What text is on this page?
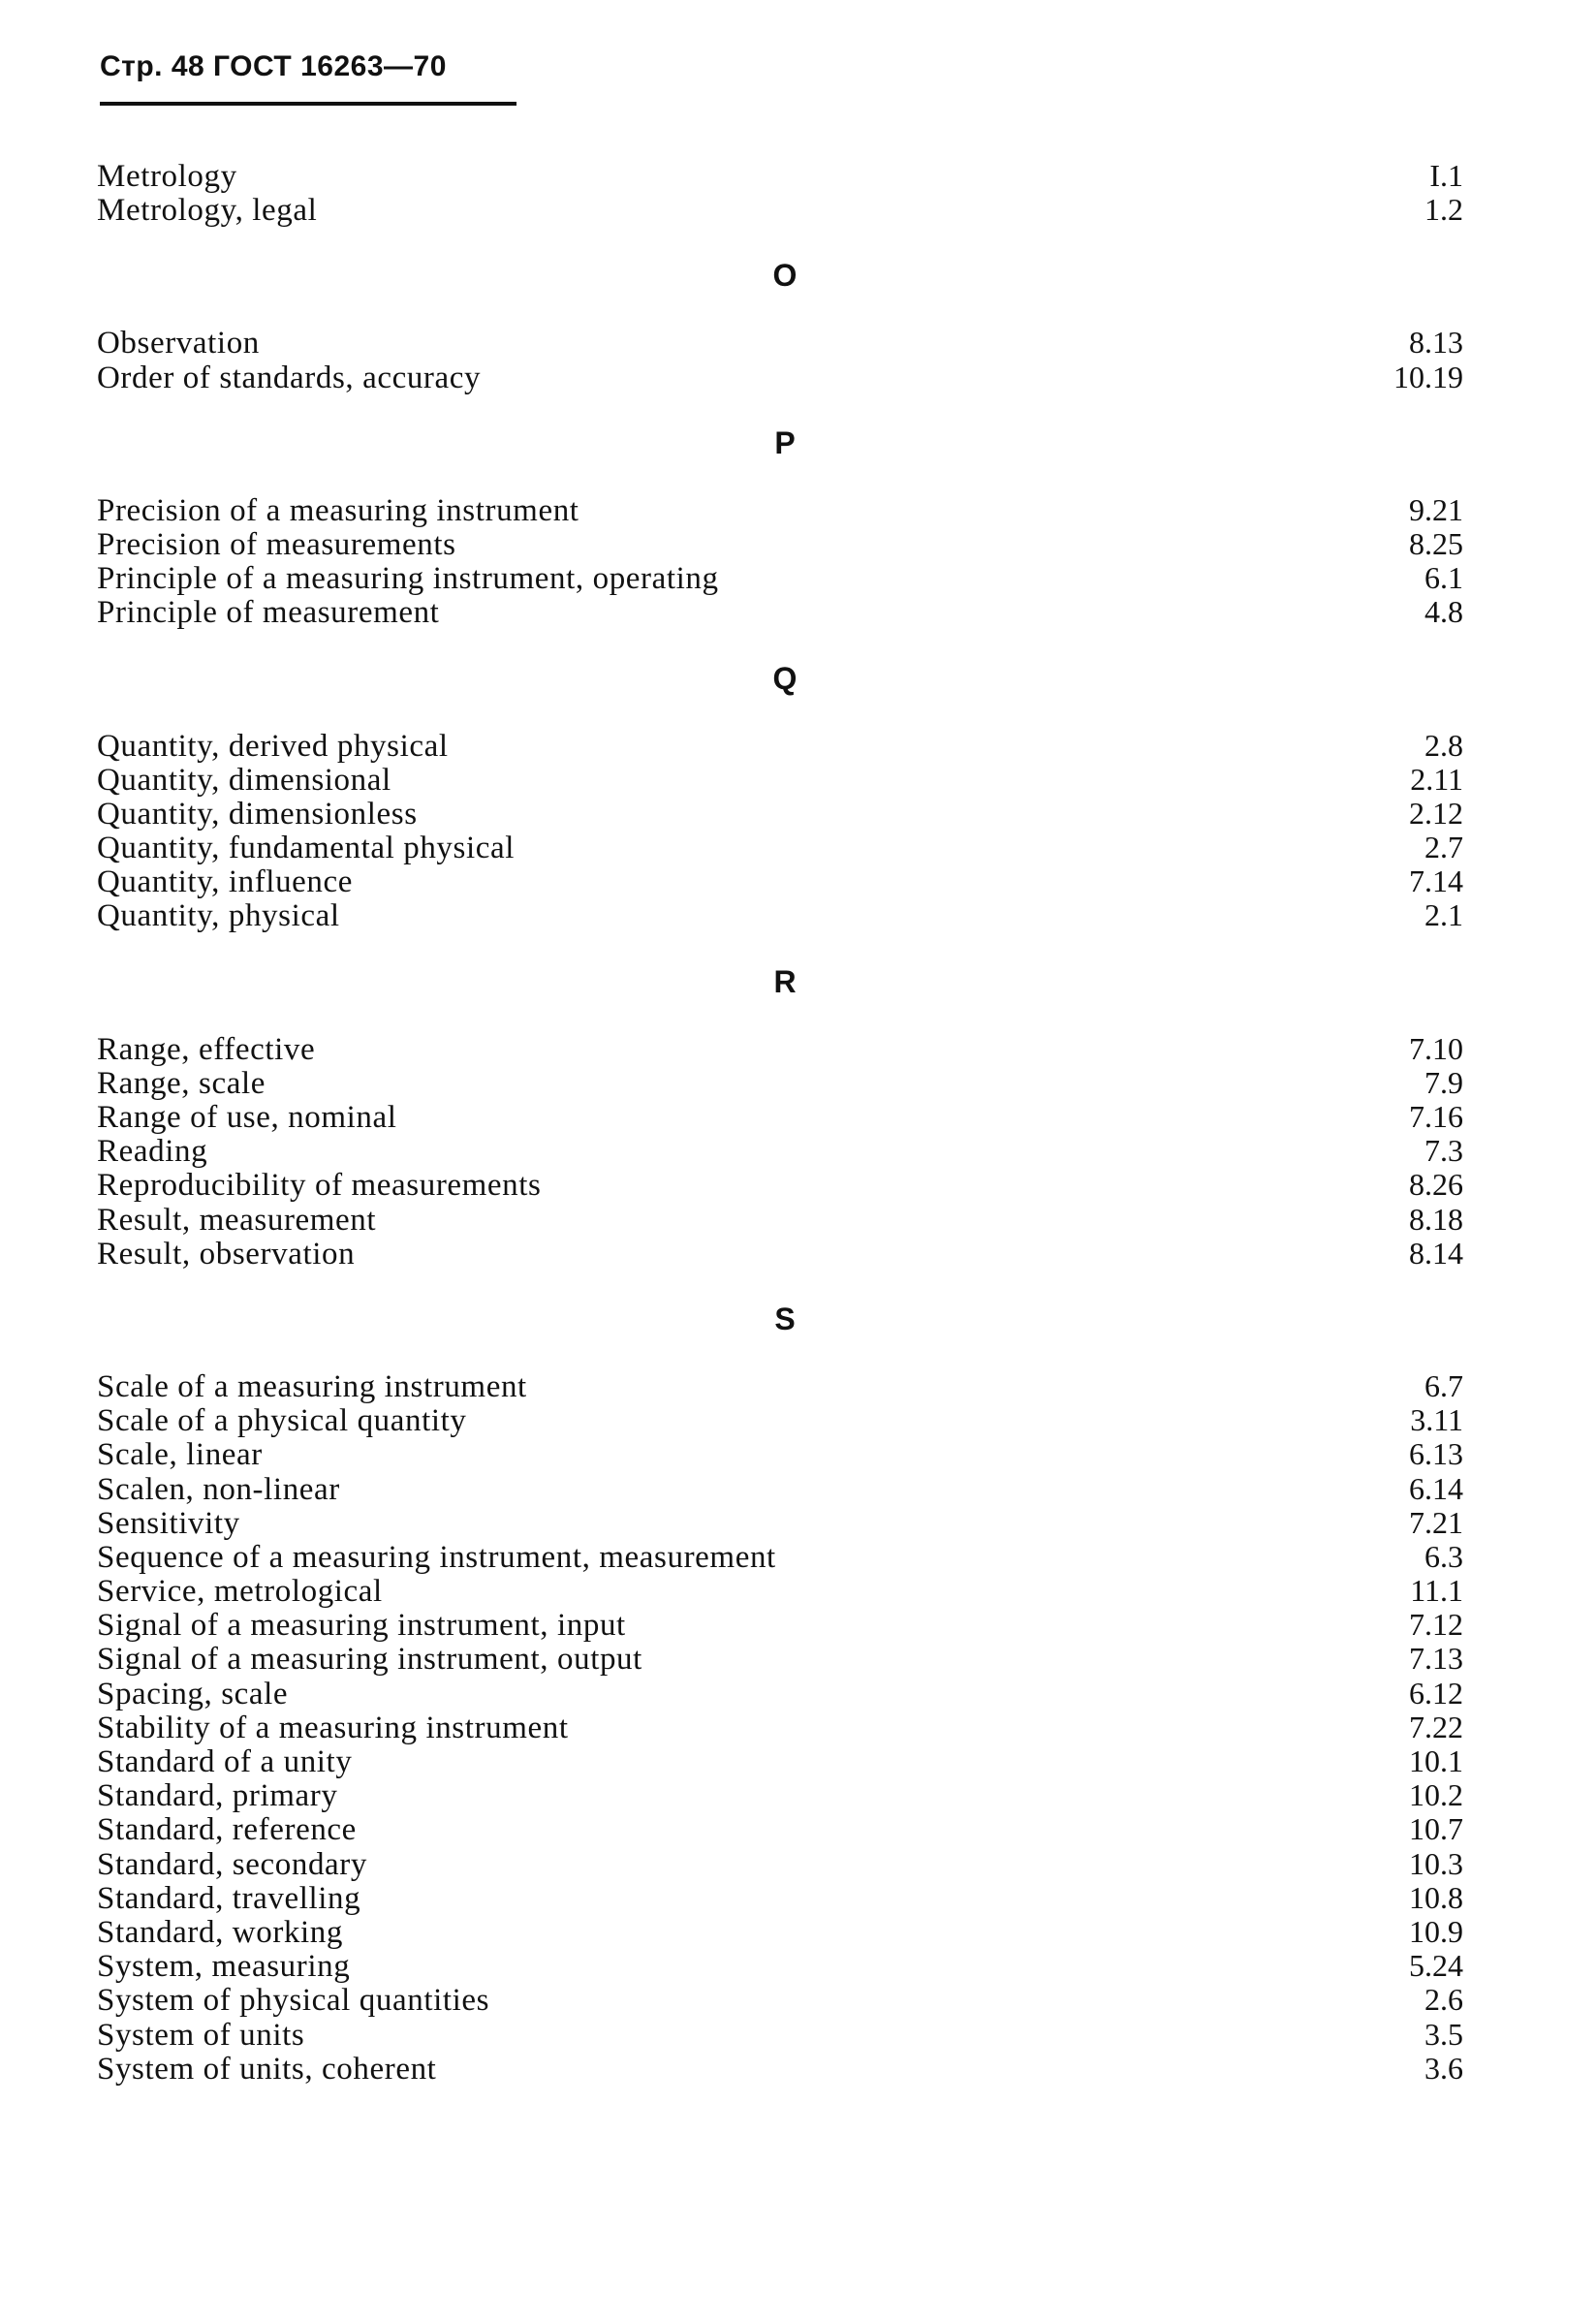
Стр. 48 ГОСТ 16263—70
Metrology	I.1
Metrology, legal	1.2
O
Observation	8.13
Order of standards, accuracy	10.19
P
Precision of a measuring instrument	9.21
Precision of measurements	8.25
Principle of a measuring instrument, operating	6.1
Principle of measurement	4.8
Q
Quantity, derived physical	2.8
Quantity, dimensional	2.11
Quantity, dimensionless	2.12
Quantity, fundamental physical	2.7
Quantity, influence	7.14
Quantity, physical	2.1
R
Range, effective	7.10
Range, scale	7.9
Range of use, nominal	7.16
Reading	7.3
Reproducibility of measurements	8.26
Result, measurement	8.18
Result, observation	8.14
S
Scale of a measuring instrument	6.7
Scale of a physical quantity	3.11
Scale, linear	6.13
Scalen, non-linear	6.14
Sensitivity	7.21
Sequence of a measuring instrument, measurement	6.3
Service, metrological	11.1
Signal of a measuring instrument, input	7.12
Signal of a measuring instrument, output	7.13
Spacing, scale	6.12
Stability of a measuring instrument	7.22
Standard of a unity	10.1
Standard, primary	10.2
Standard, reference	10.7
Standard, secondary	10.3
Standard, travelling	10.8
Standard, working	10.9
System, measuring	5.24
System of physical quantities	2.6
System of units	3.5
System of units, coherent	3.6
